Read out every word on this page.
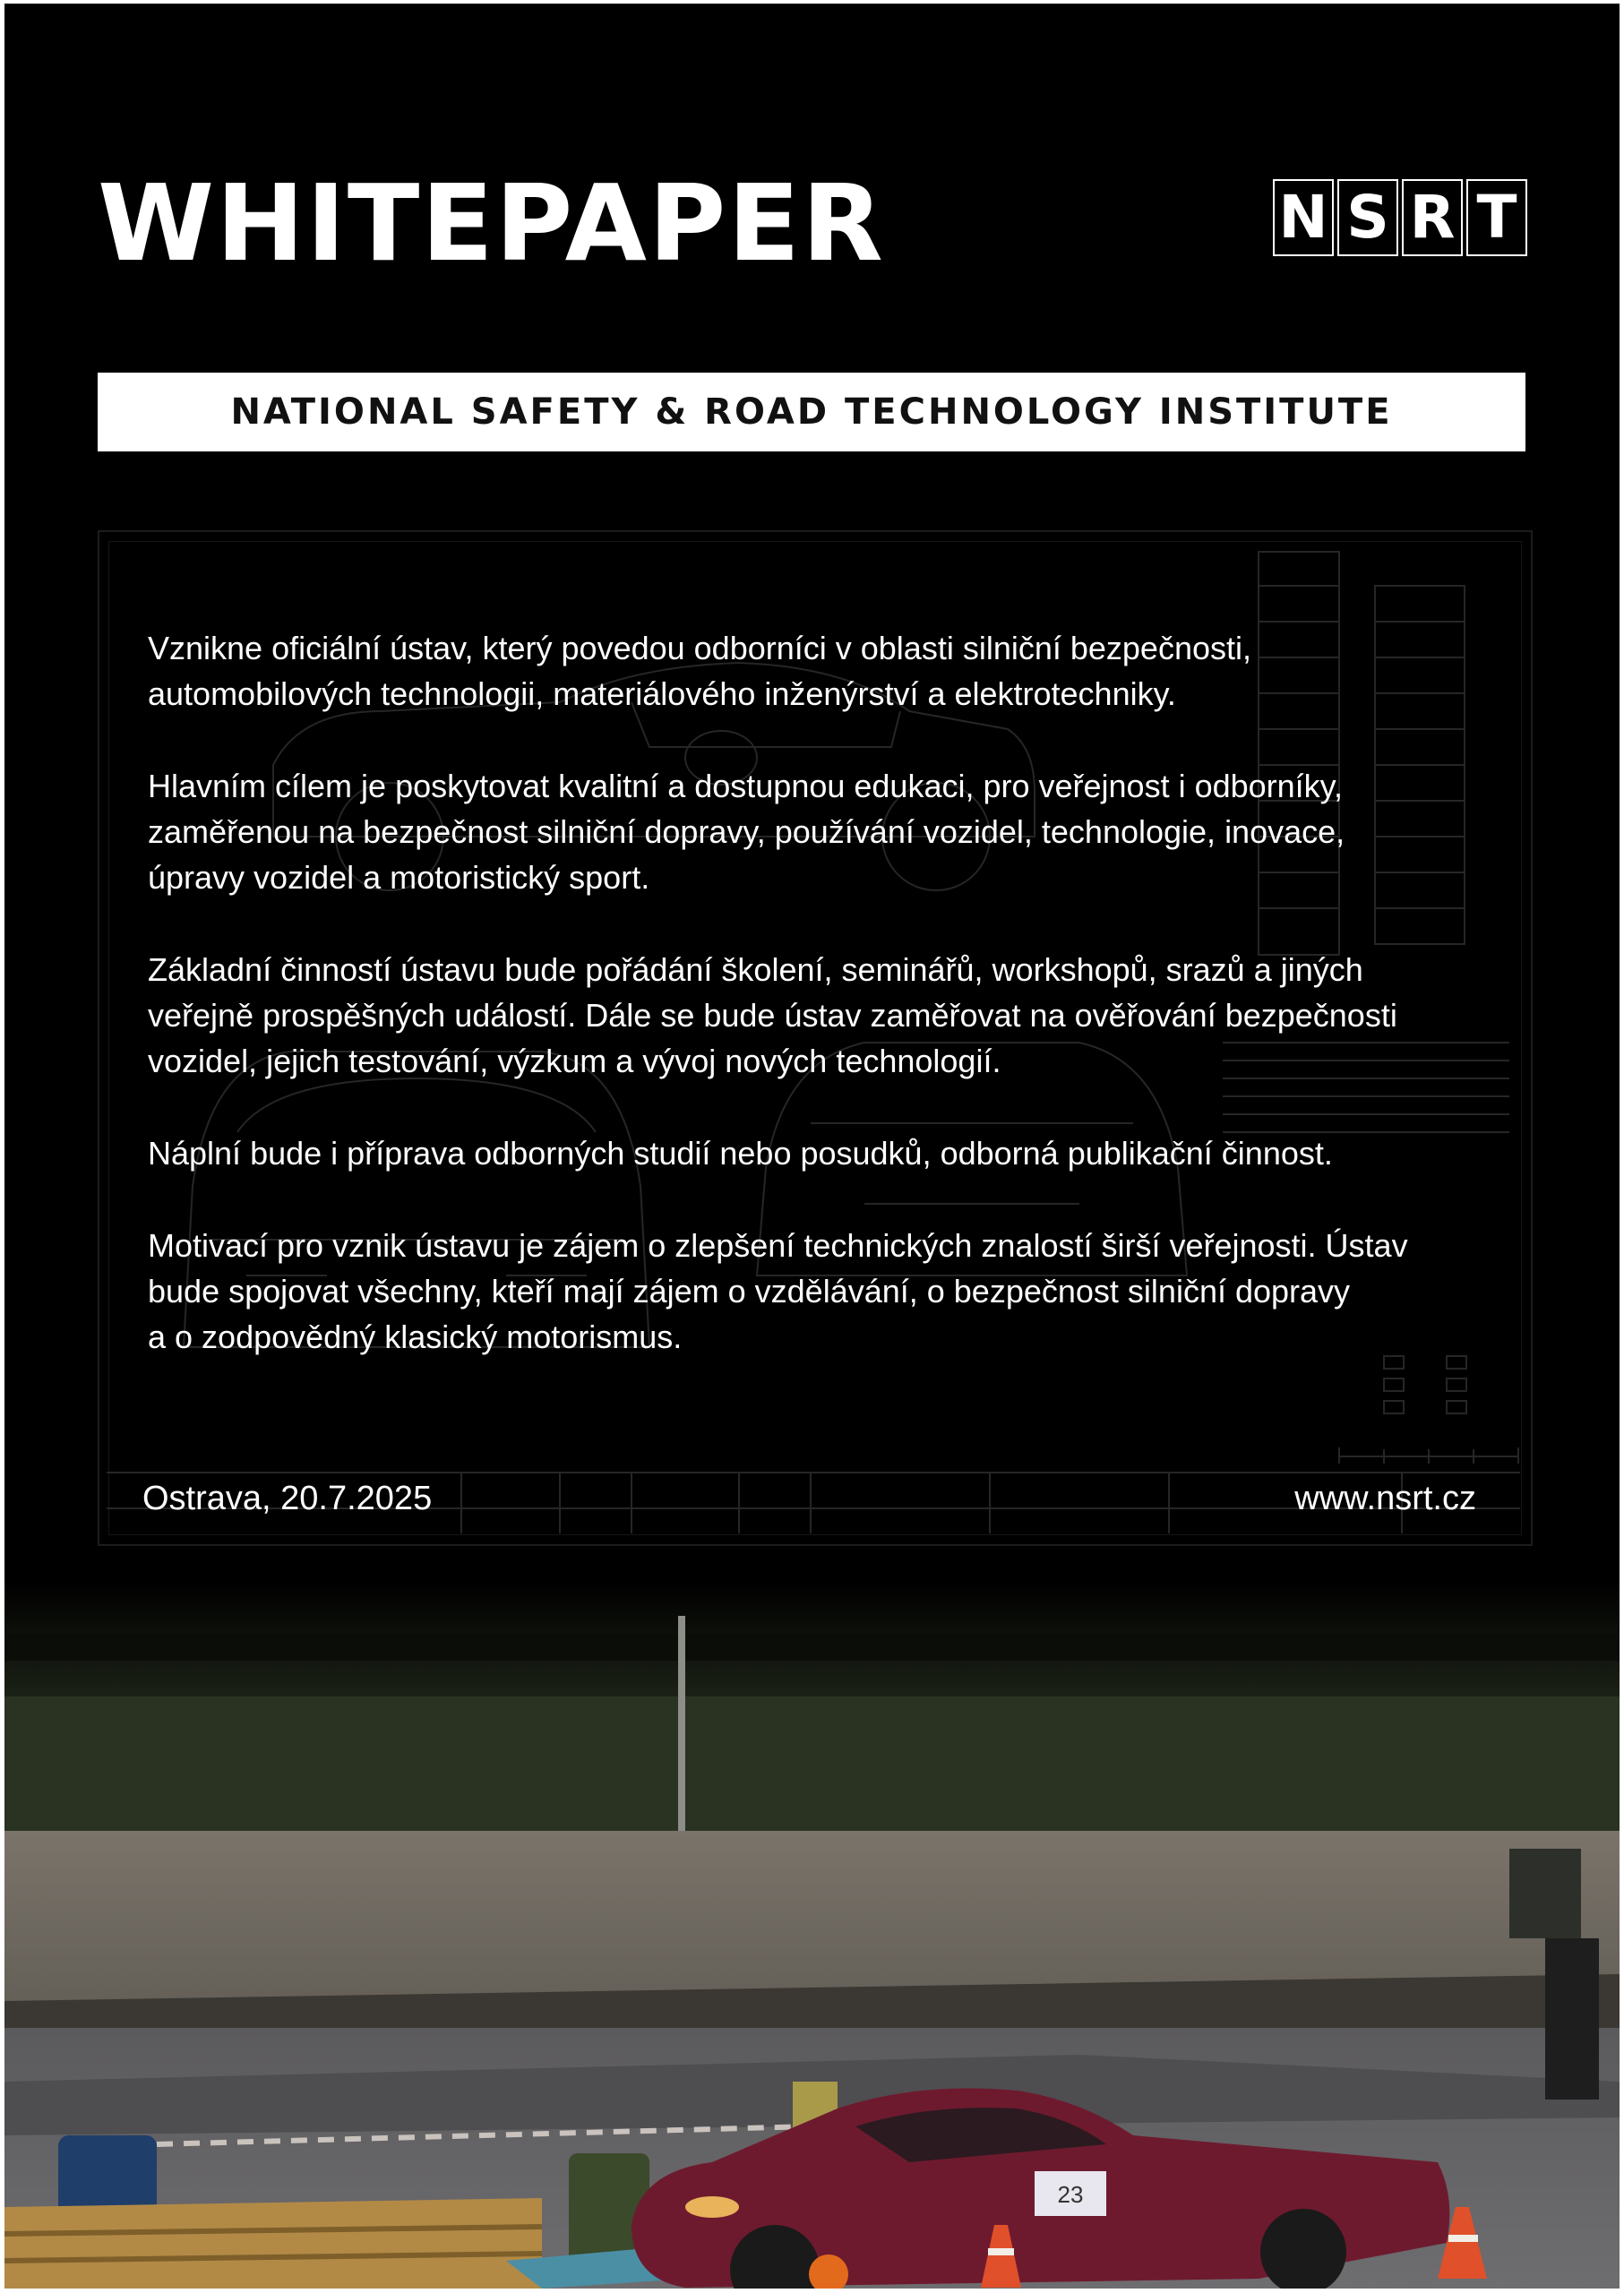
WHITEPAPER	N S R T
NATIONAL SAFETY & ROAD TECHNOLOGY INSTITUTE

Vznikne oficiální ústav, který povedou odborníci v oblasti silniční bezpečnosti,
automobilových technologii, materiálového inženýrství a elektrotechniky.

Hlavním cílem je poskytovat kvalitní a dostupnou edukaci, pro veřejnost i odborníky,
zaměřenou na bezpečnost silniční dopravy, používání vozidel, technologie, inovace,
úpravy vozidel a motoristický sport.

Základní činností ústavu bude pořádání školení, seminářů, workshopů, srazů a jiných
veřejně prospěšných událostí. Dále se bude ústav zaměřovat na ověřování bezpečnosti
vozidel, jejich testování, výzkum a vývoj nových technologií.

Náplní bude i příprava odborných studií nebo posudků, odborná publikační činnost.

Motivací pro vznik ústavu je zájem o zlepšení technických znalostí širší veřejnosti. Ústav
bude spojovat všechny, kteří mají zájem o vzdělávání, o bezpečnost silniční dopravy
a o zodpovědný klasický motorismus.

Ostrava, 20.7.2025	www.nsrt.cz
23
